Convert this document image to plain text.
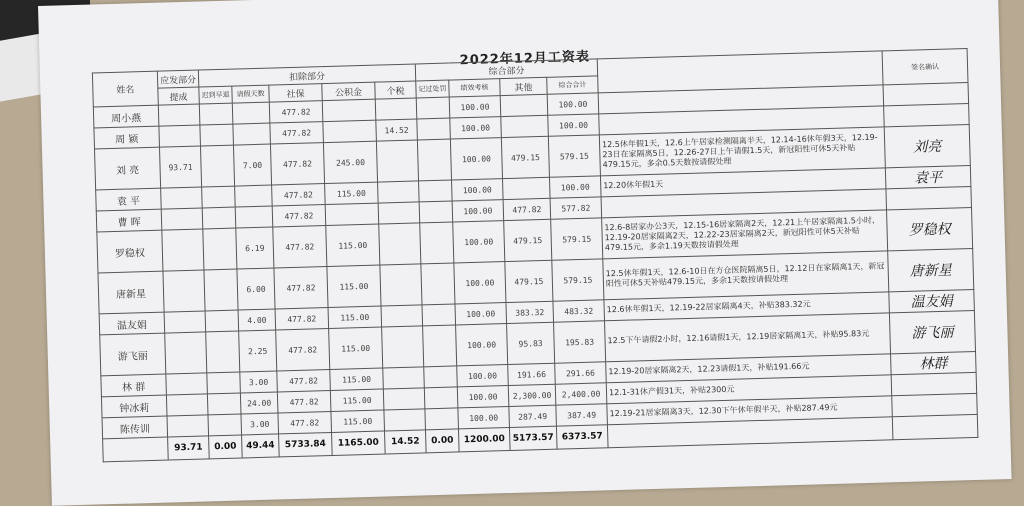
2022年12月工资表
姓名	应发部分	扣除部分					综合部分					签名确认
	提成	迟到早退	请假天数	社保	公积金	个税	记过处罚	绩效考核	其他	综合合计		
周小燕				477.82				100.00		100.00		
周 颖				477.82		14.52		100.00		100.00		
刘 亮	93.71		7.00	477.82	245.00			100.00	479.15	579.15	12.5休年假1天，12.6上午居家检测隔离半天，12.14-16休年假3天，12.19-23日在家隔离5日，12.26-27日上午请假1.5天，新冠阳性可休5天补贴479.15元，多余0.5天数按请假处理	刘亮
袁 平				477.82	115.00			100.00		100.00	12.20休年假1天	袁平
曹 晖				477.82				100.00	477.82	577.82		
罗稳权			6.19	477.82	115.00			100.00	479.15	579.15	12.6-8居家办公3天，12.15-16居家隔离2天，12.21上午居家隔离1.5小时，12.19-20居家隔离2天，12.22-23居家隔离2天，新冠阳性可休5天补贴479.15元，多余1.19天数按请假处理	罗稳权
唐新星			6.00	477.82	115.00			100.00	479.15	579.15	12.5休年假1天，12.6-10日在方仓医院隔离5日，12.12日在家隔离1天，新冠阳性可休5天补贴479.15元，多余1天数按请假处理	唐新星
温友娟			4.00	477.82	115.00			100.00	383.32	483.32	12.6休年假1天，12.19-22居家隔离4天，补贴383.32元	温友娟
游飞丽			2.25	477.82	115.00			100.00	95.83	195.83	12.5下午请假2小时，12.16请假1天，12.19居家隔离1天，补贴95.83元	游飞丽
林 群			3.00	477.82	115.00			100.00	191.66	291.66	12.19-20居家隔离2天，12.23请假1天，补贴191.66元	林群
钟冰莉			24.00	477.82	115.00			100.00	2,300.00	2,400.00	12.1-31休产假31天，补贴2300元	
陈传训			3.00	477.82	115.00			100.00	287.49	387.49	12.19-21居家隔离3天，12.30下午休年假半天，补贴287.49元	
	93.71	0.00	49.44	5733.84	1165.00	14.52	0.00	1200.00	5173.57	6373.57		
